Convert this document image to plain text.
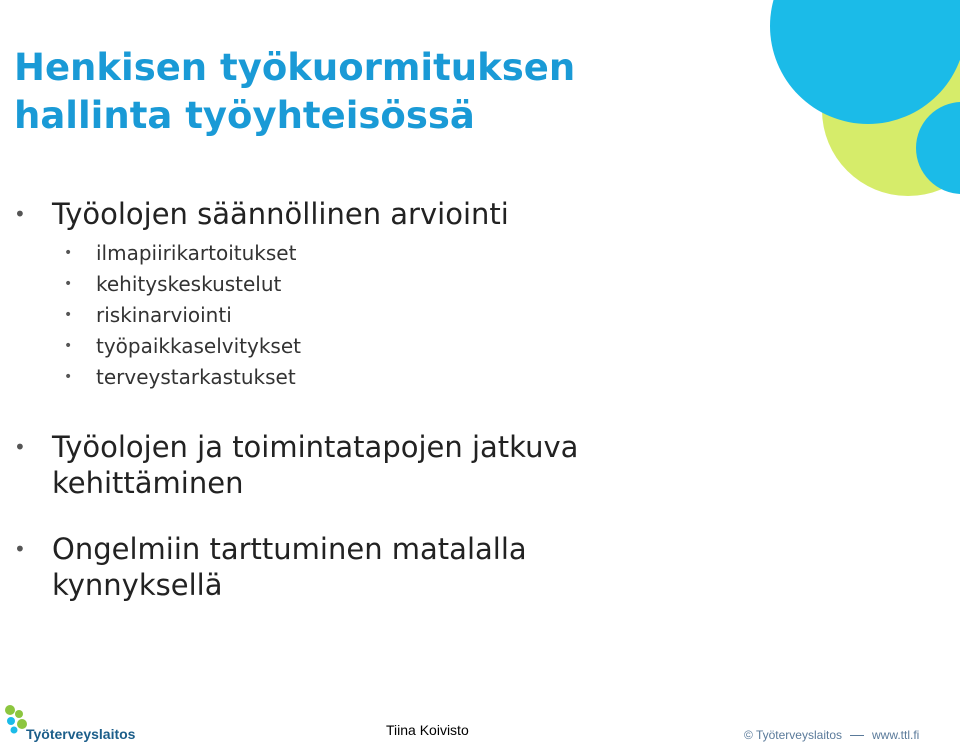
Henkisen työkuormituksen
hallinta työyhteisössä
• Työolojen säännöllinen arviointi
• ilmapiirikartoitukset
• kehityskeskustelut
• riskinarviointi
• työpaikkaselvitykset
• terveystarkastukset
• Työolojen ja toimintatapojen jatkuva
kehittäminen
• Ongelmiin tarttuminen matalalla
kynnyksellä
Työterveyslaitos	Tiina Koivisto	© Työterveyslaitos	www.ttl.fi
